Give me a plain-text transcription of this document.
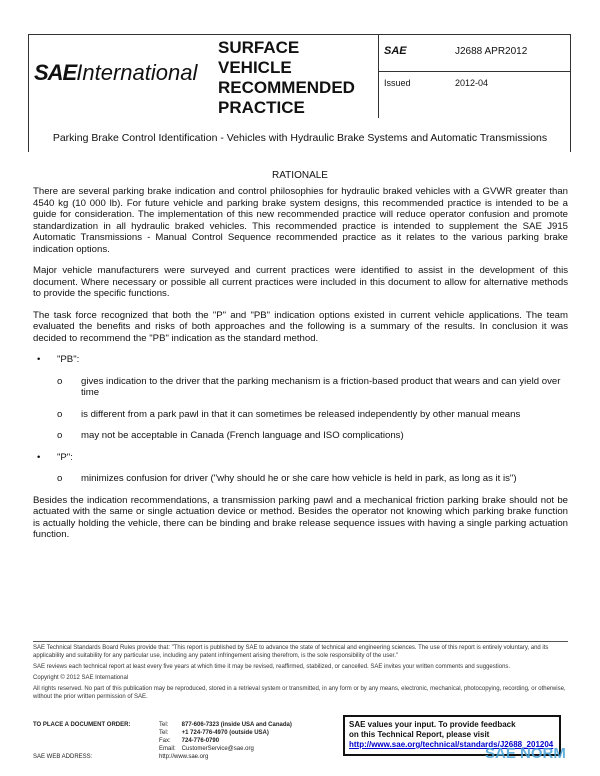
SAEInternational
SURFACE
VEHICLE
RECOMMENDED
PRACTICE
SAE	J2688 APR2012
Issued	2012-04
Parking Brake Control Identification - Vehicles with Hydraulic Brake Systems and Automatic Transmissions
RATIONALE

There are several parking brake indication and control philosophies for hydraulic braked vehicles with a GVWR greater than 4540 kg (10 000 lb). For future vehicle and parking brake system designs, this recommended practice is intended to be a guide for consideration. The implementation of this new recommended practice will reduce operator confusion and promote standardization in all hydraulic braked vehicles. This recommended practice is intended to supplement the SAE J915 Automatic Transmissions - Manual Control Sequence recommended practice as it relates to the various parking brake indication options.

Major vehicle manufacturers were surveyed and current practices were identified to assist in the development of this document. Where necessary or possible all current practices were included in this document to allow for alternative methods to provide the specific functions.

The task force recognized that both the "P" and "PB" indication options existed in current vehicle applications. The team evaluated the benefits and risks of both approaches and the following is a summary of the results. In conclusion it was decided to recommend the "PB" indication as the standard method.

• "PB":
o gives indication to the driver that the parking mechanism is a friction-based product that wears and can yield over time
o is different from a park pawl in that it can sometimes be released independently by other manual means
o may not be acceptable in Canada (French language and ISO complications)
• "P":
o minimizes confusion for driver ("why should he or she care how vehicle is held in park, as long as it is")

Besides the indication recommendations, a transmission parking pawl and a mechanical friction parking brake should not be actuated with the same or single actuation device or method. Besides the operator not knowing which parking brake function is actually holding the vehicle, there can be binding and brake release sequence issues with having a single parking actuation function.

SAE Technical Standards Board Rules provide that: "This report is published by SAE to advance the state of technical and engineering sciences. The use of this report is entirely voluntary, and its applicability and suitability for any particular use, including any patent infringement arising therefrom, is the sole responsibility of the user."

SAE reviews each technical report at least every five years at which time it may be revised, reaffirmed, stabilized, or cancelled. SAE invites your written comments and suggestions.

Copyright © 2012 SAE International

All rights reserved. No part of this publication may be reproduced, stored in a retrieval system or transmitted, in any form or by any means, electronic, mechanical, photocopying, recording, or otherwise, without the prior written permission of SAE.

TO PLACE A DOCUMENT ORDER:	Tel:	877-606-7323 (inside USA and Canada)
	Tel:	+1 724-776-4970 (outside USA)
	Fax:	724-776-0790
	Email:	CustomerService@sae.org
SAE WEB ADDRESS:	http://www.sae.org	
SAE values your input. To provide feedback
on this Technical Report, please visit
http://www.sae.org/technical/standards/J2688_201204
SAE NORM
